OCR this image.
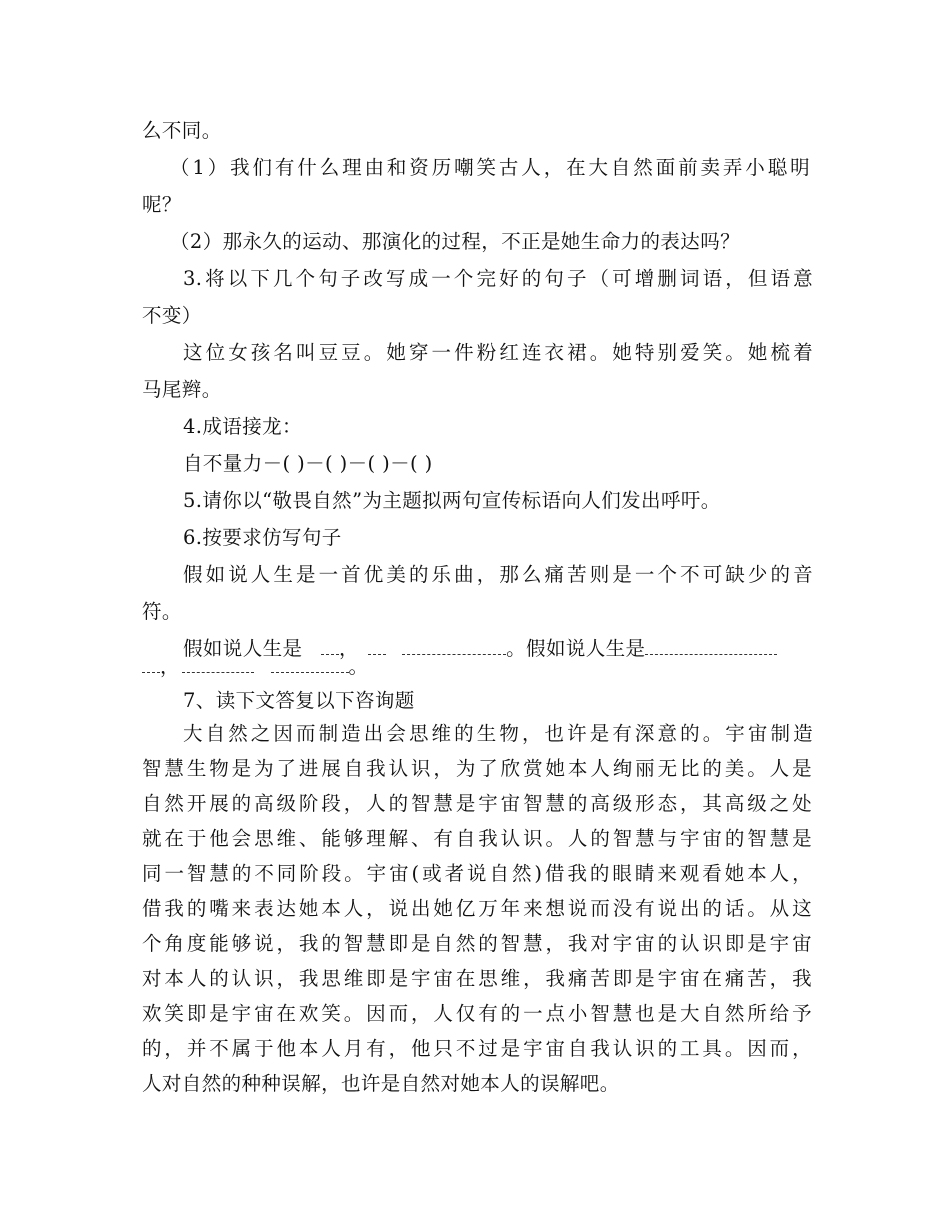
么不同。
（1）我们有什么理由和资历嘲笑古人，在大自然面前卖弄小聪明
呢？
（2）那永久的运动、那演化的过程，不正是她生命力的表达吗？
3.将以下几个句子改写成一个完好的句子（可增删词语，但语意
不变）
这位女孩名叫豆豆。她穿一件粉红连衣裙。她特别爱笑。她梳着
马尾辫。
4.成语接龙：
自不量力－( )－( )－( )－( )
5.请你以“敬畏自然”为主题拟两句宣传标语向人们发出呼吁。
6.按要求仿写句子
假如说人生是一首优美的乐曲，那么痛苦则是一个不可缺少的音
符。
假如说人生是 ，	。假如说人生是
，	。
7、读下文答复以下咨询题
大自然之因而制造出会思维的生物，也许是有深意的。宇宙制造
智慧生物是为了进展自我认识，为了欣赏她本人绚丽无比的美。人是
自然开展的高级阶段，人的智慧是宇宙智慧的高级形态，其高级之处
就在于他会思维、能够理解、有自我认识。人的智慧与宇宙的智慧是
同一智慧的不同阶段。宇宙(或者说自然)借我的眼睛来观看她本人，
借我的嘴来表达她本人，说出她亿万年来想说而没有说出的话。从这
个角度能够说，我的智慧即是自然的智慧，我对宇宙的认识即是宇宙
对本人的认识，我思维即是宇宙在思维，我痛苦即是宇宙在痛苦，我
欢笑即是宇宙在欢笑。因而，人仅有的一点小智慧也是大自然所给予
的，并不属于他本人月有，他只不过是宇宙自我认识的工具。因而，
人对自然的种种误解，也许是自然对她本人的误解吧。
